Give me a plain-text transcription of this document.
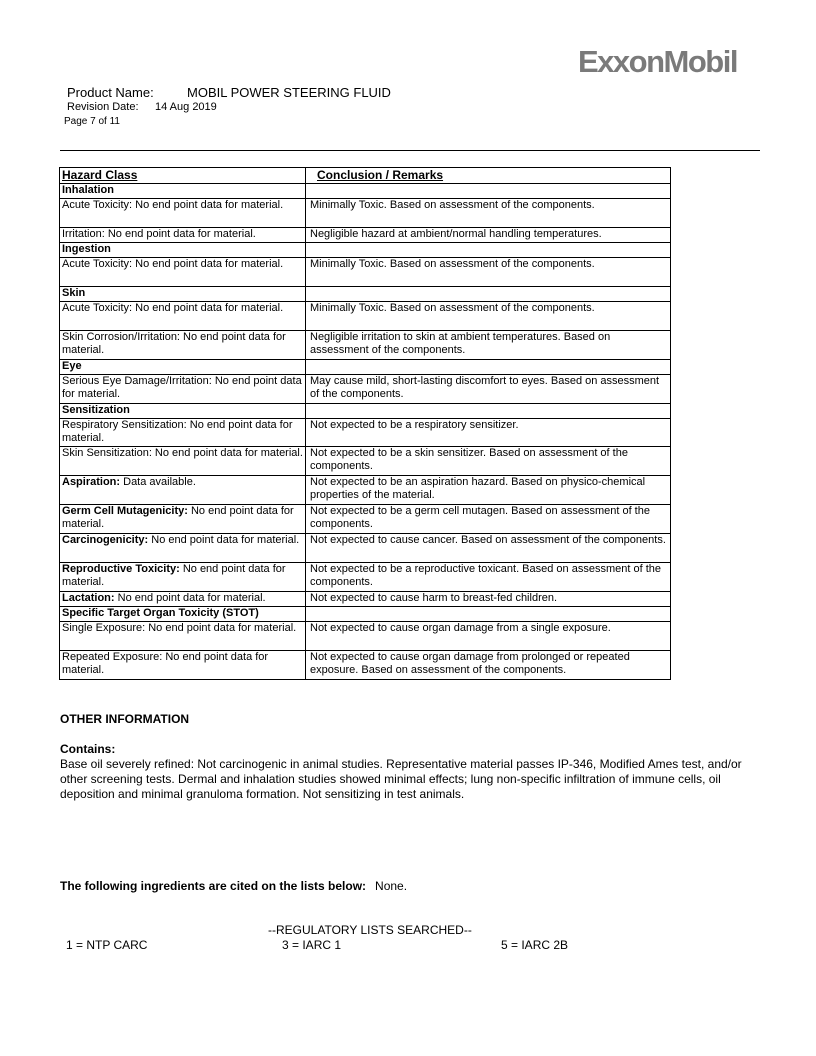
ExxonMobil
Product Name:	MOBIL POWER STEERING FLUID
Revision Date: 14 Aug 2019
Page 7 of 11
Hazard Class	Conclusion / Remarks
Inhalation	
Acute Toxicity: No end point data for material.	Minimally Toxic. Based on assessment of the components.
Irritation: No end point data for material.	Negligible hazard at ambient/normal handling temperatures.
Ingestion	
Acute Toxicity: No end point data for material.	Minimally Toxic. Based on assessment of the components.
Skin	
Acute Toxicity: No end point data for material.	Minimally Toxic. Based on assessment of the components.
Skin Corrosion/Irritation: No end point data for material.	Negligible irritation to skin at ambient temperatures. Based on assessment of the components.
Eye	
Serious Eye Damage/Irritation: No end point data for material.	May cause mild, short-lasting discomfort to eyes. Based on assessment of the components.
Sensitization	
Respiratory Sensitization: No end point data for material.	Not expected to be a respiratory sensitizer.
Skin Sensitization: No end point data for material.	Not expected to be a skin sensitizer. Based on assessment of the components.
Aspiration: Data available.	Not expected to be an aspiration hazard. Based on physico-chemical properties of the material.
Germ Cell Mutagenicity: No end point data for material.	Not expected to be a germ cell mutagen. Based on assessment of the components.
Carcinogenicity: No end point data for material.	Not expected to cause cancer. Based on assessment of the components.
Reproductive Toxicity: No end point data for material.	Not expected to be a reproductive toxicant. Based on assessment of the components.
Lactation: No end point data for material.	Not expected to cause harm to breast-fed children.
Specific Target Organ Toxicity (STOT)	
Single Exposure: No end point data for material.	Not expected to cause organ damage from a single exposure.
Repeated Exposure: No end point data for material.	Not expected to cause organ damage from prolonged or repeated exposure. Based on assessment of the components.
OTHER INFORMATION
Contains:
Base oil severely refined: Not carcinogenic in animal studies. Representative material passes IP-346, Modified Ames test, and/or other screening tests. Dermal and inhalation studies showed minimal effects; lung non-specific infiltration of immune cells, oil deposition and minimal granuloma formation. Not sensitizing in test animals.
The following ingredients are cited on the lists below: None.
--REGULATORY LISTS SEARCHED--
1 = NTP CARC	3 = IARC 1	5 = IARC 2B
